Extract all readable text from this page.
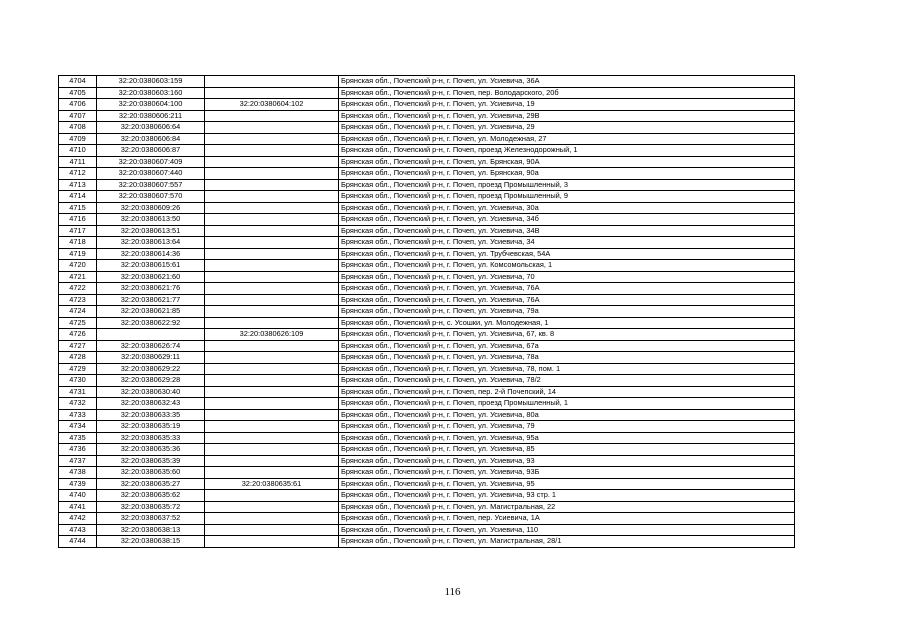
4704	32:20:0380603:159		Брянская обл., Почепский р-н, г. Почеп, ул. Усиевича, 36А
4705	32:20:0380603:160		Брянская обл., Почепский р-н, г. Почеп, пер. Володарского, 20б
4706	32:20:0380604:100	32:20:0380604:102	Брянская обл., Почепский р-н, г. Почеп, ул. Усиевича, 19
4707	32:20:0380606:211		Брянская обл., Почепский р-н, г. Почеп, ул. Усиевича, 29В
4708	32:20:0380606:64		Брянская обл., Почепский р-н, г. Почеп, ул. Усиевича, 29
4709	32:20:0380606:84		Брянская обл., Почепский р-н, г. Почеп, ул. Молодежная, 27
4710	32:20:0380606:87		Брянская обл., Почепский р-н, г. Почеп, проезд Железнодорожный, 1
4711	32:20:0380607:409		Брянская обл., Почепский р-н, г. Почеп, ул. Брянская, 90А
4712	32:20:0380607:440		Брянская обл., Почепский р-н, г. Почеп, ул. Брянская, 90а
4713	32:20:0380607:557		Брянская обл., Почепский р-н, г. Почеп, проезд Промышленный, 3
4714	32:20:0380607:570		Брянская обл., Почепский р-н, г. Почеп, проезд Промышленный, 9
4715	32:20:0380609:26		Брянская обл., Почепский р-н, г. Почеп, ул. Усиевича, 30а
4716	32:20:0380613:50		Брянская обл., Почепский р-н, г. Почеп, ул. Усиевича, 34б
4717	32:20:0380613:51		Брянская обл., Почепский р-н, г. Почеп, ул. Усиевича, 34В
4718	32:20:0380613:64		Брянская обл., Почепский р-н, г. Почеп, ул. Усиевича, 34
4719	32:20:0380614:36		Брянская обл., Почепский р-н, г. Почеп, ул. Трубчевская, 54А
4720	32:20:0380615:61		Брянская обл., Почепский р-н, г. Почеп, ул. Комсомольская, 1
4721	32:20:0380621:60		Брянская обл., Почепский р-н, г. Почеп, ул. Усиевича, 70
4722	32:20:0380621:76		Брянская обл., Почепский р-н, г. Почеп, ул. Усиевича, 76А
4723	32:20:0380621:77		Брянская обл., Почепский р-н, г. Почеп, ул. Усиевича, 76А
4724	32:20:0380621:85		Брянская обл., Почепский р-н, г. Почеп, ул. Усиевича, 79а
4725	32:20:0380622:92		Брянская обл., Почепский р-н, с. Усошки, ул. Молодежная, 1
4726		32:20:0380626:109	Брянская обл., Почепский р-н, г. Почеп, ул. Усиевича, 67, кв. 8
4727	32:20:0380626:74		Брянская обл., Почепский р-н, г. Почеп, ул. Усиевича, 67а
4728	32:20:0380629:11		Брянская обл., Почепский р-н, г. Почеп, ул. Усиевича, 78а
4729	32:20:0380629:22		Брянская обл., Почепский р-н, г. Почеп, ул. Усиевича, 78, пом. 1
4730	32:20:0380629:28		Брянская обл., Почепский р-н, г. Почеп, ул. Усиевича, 78/2
4731	32:20:0380630:40		Брянская обл., Почепский р-н, г. Почеп, пер. 2-й Почепский, 14
4732	32:20:0380632:43		Брянская обл., Почепский р-н, г. Почеп, проезд Промышленный, 1
4733	32:20:0380633:35		Брянская обл., Почепский р-н, г. Почеп, ул. Усиевича, 80а
4734	32:20:0380635:19		Брянская обл., Почепский р-н, г. Почеп, ул. Усиевича, 79
4735	32:20:0380635:33		Брянская обл., Почепский р-н, г. Почеп, ул. Усиевича, 95а
4736	32:20:0380635:36		Брянская обл., Почепский р-н, г. Почеп, ул. Усиевича, 85
4737	32:20:0380635:39		Брянская обл., Почепский р-н, г. Почеп, ул. Усиевича, 93
4738	32:20:0380635:60		Брянская обл., Почепский р-н, г. Почеп, ул. Усиевича, 93Б
4739	32:20:0380635:27	32:20:0380635:61	Брянская обл., Почепский р-н, г. Почеп, ул. Усиевича, 95
4740	32:20:0380635:62		Брянская обл., Почепский р-н, г. Почеп, ул. Усиевича, 93 стр. 1
4741	32:20:0380635:72		Брянская обл., Почепский р-н, г. Почеп, ул. Магистральная, 22
4742	32:20:0380637:52		Брянская обл., Почепский р-н, г. Почеп, пер. Усиевича, 1А
4743	32:20:0380638:13		Брянская обл., Почепский р-н, г. Почеп, ул. Усиевича, 110
4744	32:20:0380638:15		Брянская обл., Почепский р-н, г. Почеп, ул. Магистральная, 28/1
116
